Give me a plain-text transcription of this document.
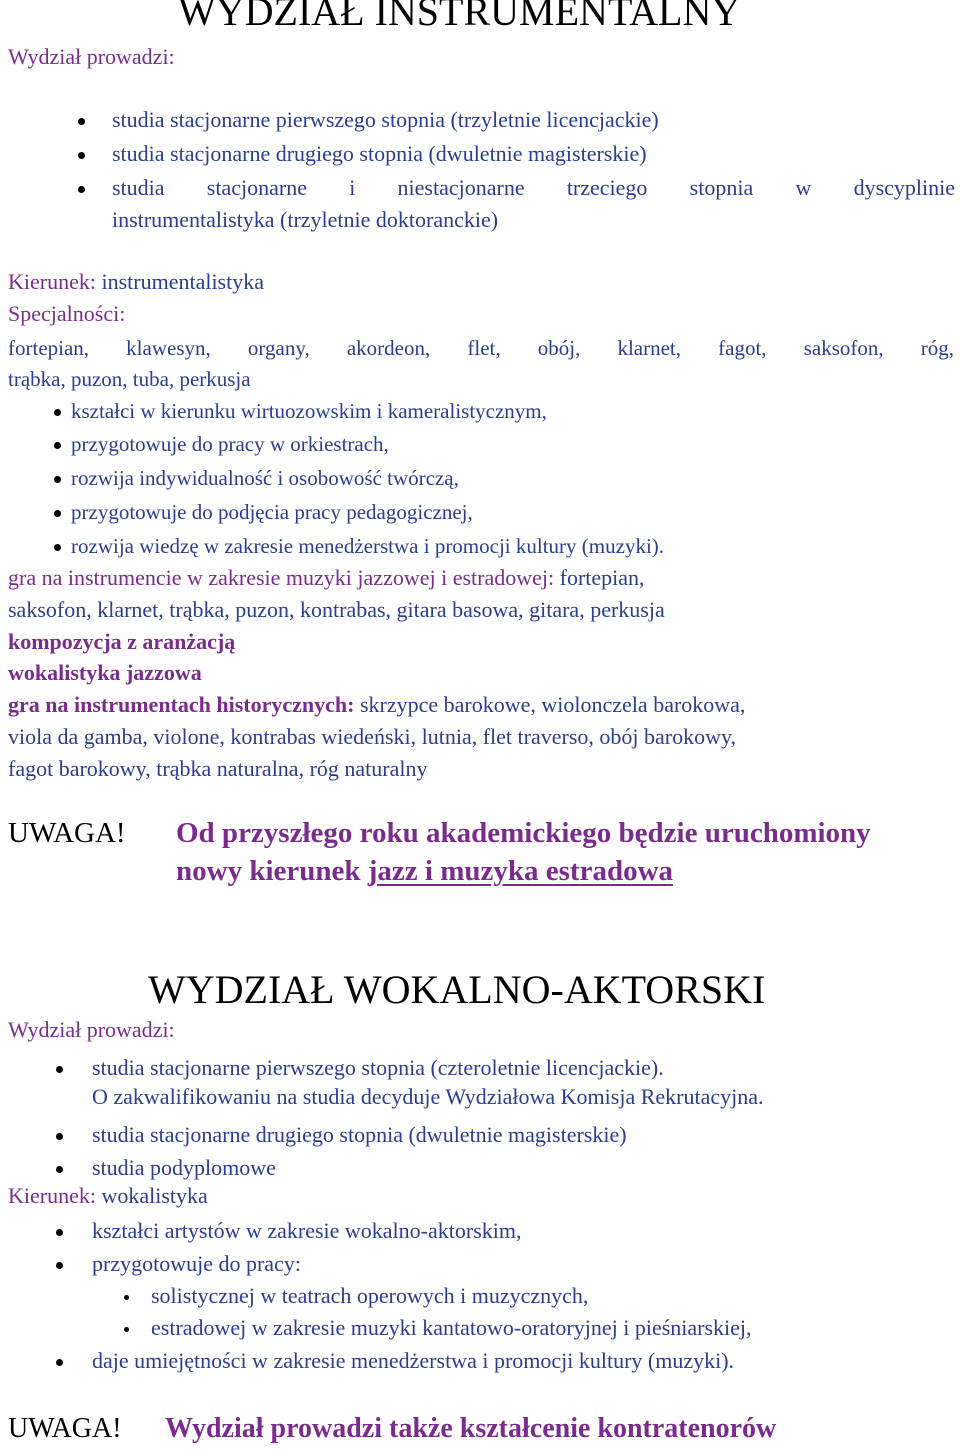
WYDZIAŁ INSTRUMENTALNY
Wydział prowadzi:
studia stacjonarne pierwszego stopnia (trzyletnie licencjackie)
studia stacjonarne drugiego stopnia (dwuletnie magisterskie)
studia stacjonarne i niestacjonarne trzeciego stopnia w dyscyplinie
instrumentalistyka (trzyletnie doktoranckie)
Kierunek: instrumentalistyka
Specjalności:
fortepian, klawesyn, organy, akordeon, flet, obój, klarnet, fagot, saksofon, róg,
trąbka, puzon, tuba, perkusja
kształci w kierunku wirtuozowskim i kameralistycznym,
przygotowuje do pracy w orkiestrach,
rozwija indywidualność i osobowość twórczą,
przygotowuje do podjęcia pracy pedagogicznej,
rozwija wiedzę w zakresie menedżerstwa i promocji kultury (muzyki).
gra na instrumencie w zakresie muzyki jazzowej i estradowej: fortepian,
saksofon, klarnet, trąbka, puzon, kontrabas, gitara basowa, gitara, perkusja
kompozycja z aranżacją
wokalistyka jazzowa
gra na instrumentach historycznych: skrzypce barokowe, wiolonczela barokowa,
viola da gamba, violone, kontrabas wiedeński, lutnia, flet traverso, obój barokowy,
fagot barokowy, trąbka naturalna, róg naturalny
UWAGA! Od przyszłego roku akademickiego będzie uruchomiony
nowy kierunek jazz i muzyka estradowa
WYDZIAŁ WOKALNO-AKTORSKI
Wydział prowadzi:
studia stacjonarne pierwszego stopnia (czteroletnie licencjackie).
O zakwalifikowaniu na studia decyduje Wydziałowa Komisja Rekrutacyjna.
studia stacjonarne drugiego stopnia (dwuletnie magisterskie)
studia podyplomowe
Kierunek: wokalistyka
kształci artystów w zakresie wokalno-aktorskim,
przygotowuje do pracy:
solistycznej w teatrach operowych i muzycznych,
estradowej w zakresie muzyki kantatowo-oratoryjnej i pieśniarskiej,
daje umiejętności w zakresie menedżerstwa i promocji kultury (muzyki).
UWAGA! Wydział prowadzi także kształcenie kontratenorów
